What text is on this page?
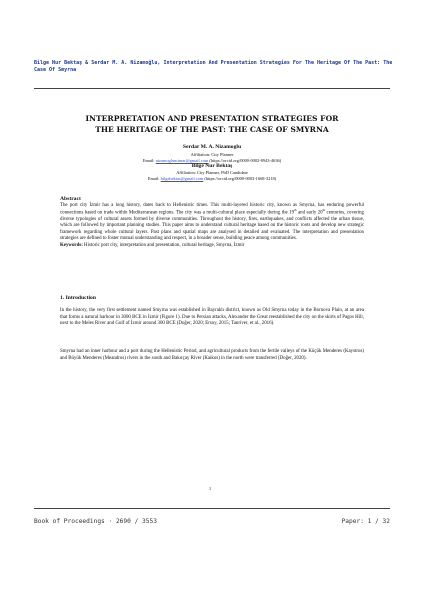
Bilge Nur Bektaş & Serdar M. A. Nizamoğlu, Interpretation And Presentation Strategies For The Heritage Of The Past: The Case Of Smyrna
INTERPRETATION AND PRESENTATION STRATEGIES FOR
THE HERITAGE OF THE PAST: THE CASE OF SMYRNA
Serdar M. A. Nizamoglu
Affiliation: City Planner
Email: nizamoglumimar@gmail.com (https://orcid.org/0000-0002-8943-4636)
Bilge Nur Bektaş
Affiliation: City Planner, PhD Candidate
Email: bilgebektas@gmail.com (https://orcid.org/0000-0003-1668-3218)
Abstract
The port city İzmir has a long history, dates back to Hellenistic times. This multi-layered historic city, known as Smyrna, has enduring powerful connections based on trade within Mediterranean regions. The city was a multi-cultural place especially during the 19th and early 20th centuries, covering diverse typologies of cultural assets formed by diverse communities. Throughout the history, fires, earthquakes, and conflicts affected the urban tissue, which are followed by important planning studies. This paper aims to understand cultural heritage based on the historic roots and develop new strategic framework regarding whole cultural layers. Past plans and spatial maps are analysed in detailed and evaluated. The interpretation and presentation strategies are defined to foster mutual understanding and respect, in a broader sense, building peace among communities.
Keywords: Historic port city, interpretation and presentation, cultural heritage, Smyrna, İzmir
1. Introduction
In the history, the very first settlement named Smyrna was established in Bayraklı district, known as Old Smyrna today in the Bornova Plain, at an area that forms a natural harbour in 3000 BCE in İzmir (Figure 1). Due to Persian attacks, Alexander the Great reestablished the city on the skirts of Pagos Hill, next to the Meles River and Gulf of İzmir around 300 BCE (Doğer, 2020; Ersoy, 2015; Tanriver, et al., 2016).
Smyrna had an inner harbour and a port during the Hellenistic Period, and agricultural products from the fertile valleys of the Küçük Menderes (Kaystros) and Büyük Menderes (Meandros) rivers in the south and Bakırçay River (Kaikos) in the north were transferred (Doğer, 2020).
1
Book of Proceedings · 2690 / 3553	Paper: 1 / 32
